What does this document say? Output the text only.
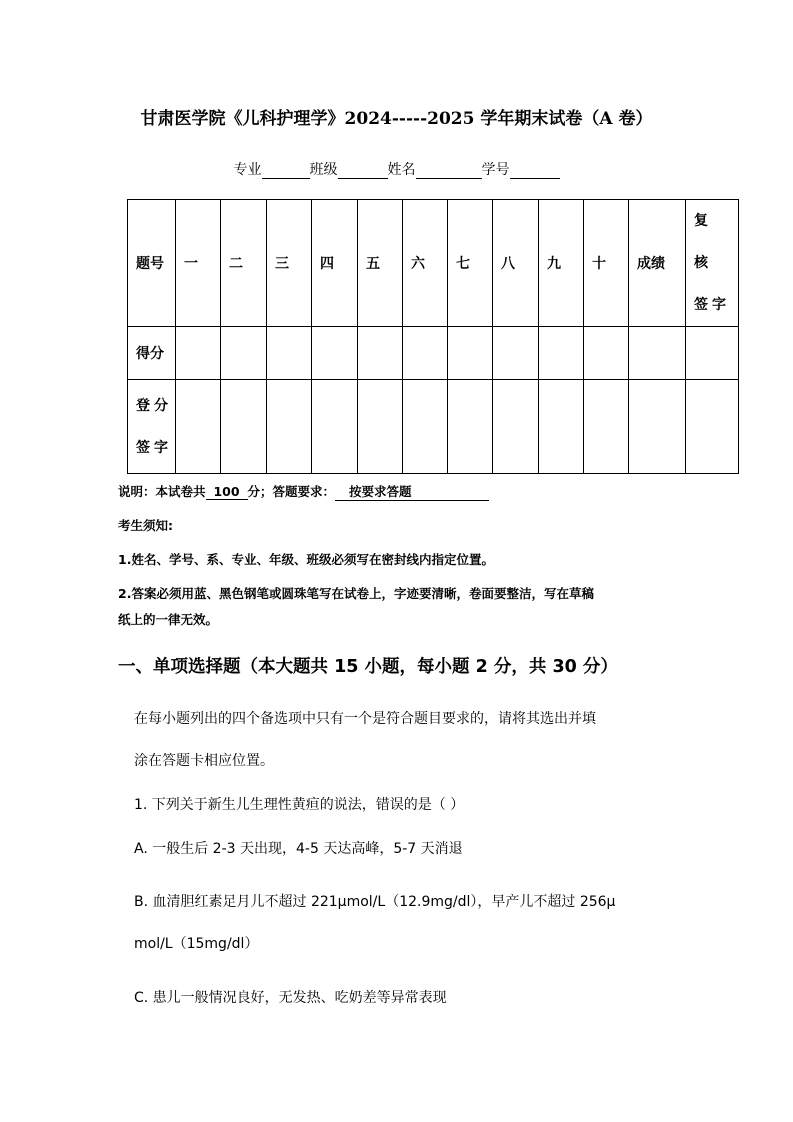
甘肃医学院《儿科护理学》2024-----2025 学年期末试卷（A 卷）
专业	班级	姓名	学号
题号	一	二	三	四	五	六	七	八	九	十	成绩	复 核
签字

得分												

登分
签字												

说明：本试卷共 100 分；答题要求： 按要求答题
考生须知:
1.姓名、学号、系、专业、年级、班级必须写在密封线内指定位置。
2.答案必须用蓝、黑色钢笔或圆珠笔写在试卷上，字迹要清晰，卷面要整洁，写在草稿
纸上的一律无效。
一、单项选择题（本大题共 15 小题，每小题 2 分，共 30 分）
在每小题列出的四个备选项中只有一个是符合题目要求的，请将其选出并填
涂在答题卡相应位置。
1. 下列关于新生儿生理性黄疸的说法，错误的是（ ）
A. 一般生后 2-3 天出现，4-5 天达高峰，5-7 天消退
B. 血清胆红素足月儿不超过 221μmol/L（12.9mg/dl），早产儿不超过 256μ
mol/L（15mg/dl）
C. 患儿一般情况良好，无发热、吃奶差等异常表现
